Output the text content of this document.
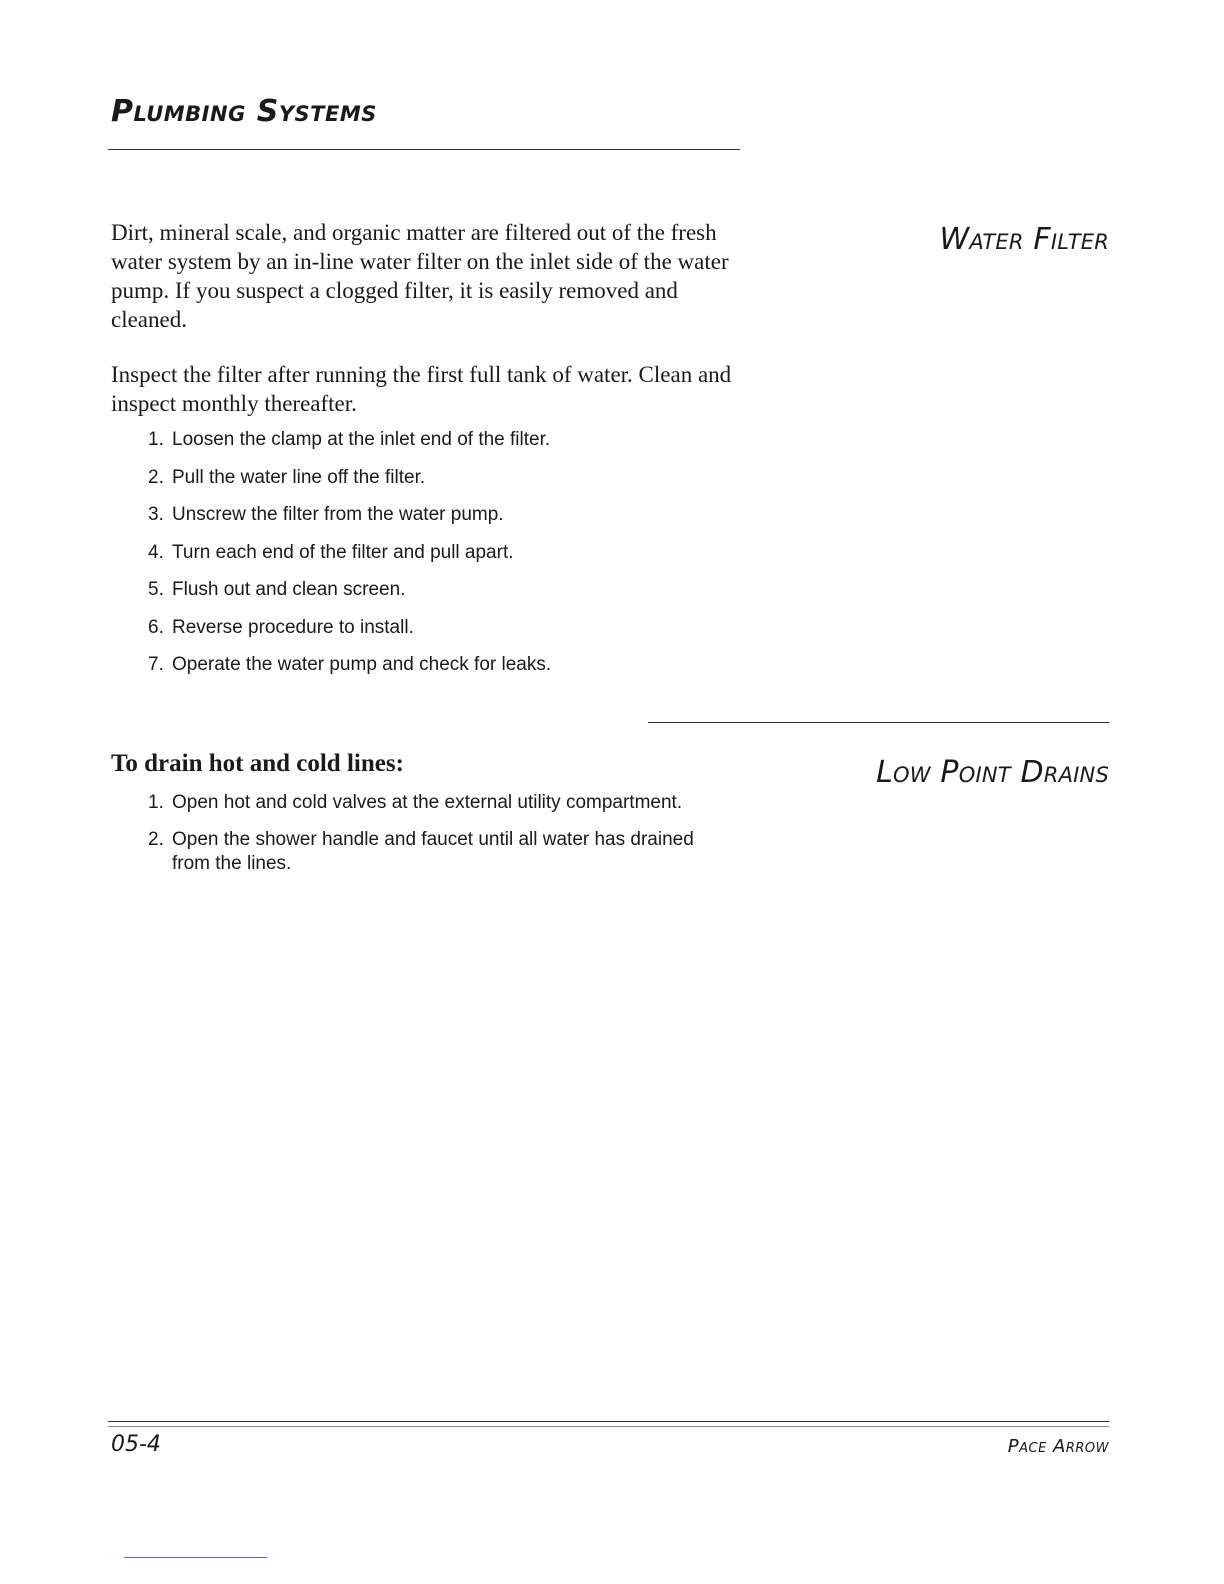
Plumbing Systems
Water Filter

Dirt, mineral scale, and organic matter are filtered out of the fresh water system by an in-line water filter on the inlet side of the water pump. If you suspect a clogged filter, it is easily removed and cleaned.

Inspect the filter after running the first full tank of water. Clean and inspect monthly thereafter.

1. Loosen the clamp at the inlet end of the filter.
2. Pull the water line off the filter.
3. Unscrew the filter from the water pump.
4. Turn each end of the filter and pull apart.
5. Flush out and clean screen.
6. Reverse procedure to install.
7. Operate the water pump and check for leaks.
To drain hot and cold lines:	Low Point Drains
1. Open hot and cold valves at the external utility compartment.
2. Open the shower handle and faucet until all water has drained from the lines.
05-4	Pace Arrow
